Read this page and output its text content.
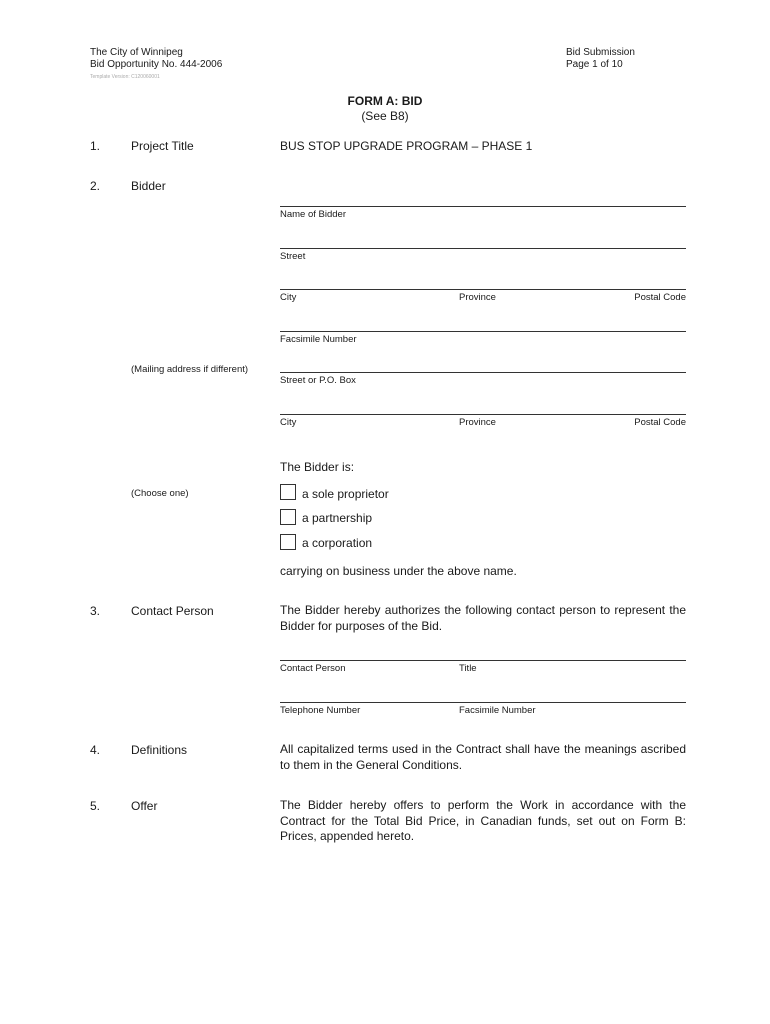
The City of Winnipeg
Bid Opportunity No. 444-2006
Template Version: C120060001
Bid Submission
Page 1 of 10
FORM A: BID
(See B8)
1.	Project Title	BUS STOP UPGRADE PROGRAM – PHASE 1
2.	Bidder
Name of Bidder
Street
City	Province	Postal Code
Facsimile Number
(Mailing address if different)
Street or P.O. Box
City	Province	Postal Code
The Bidder is:
(Choose one)	a sole proprietor
a partnership
a corporation
carrying on business under the above name.
3.	Contact Person	The Bidder hereby authorizes the following contact person to represent the Bidder for purposes of the Bid.
Contact Person	Title
Telephone Number	Facsimile Number
4.	Definitions	All capitalized terms used in the Contract shall have the meanings ascribed to them in the General Conditions.
5.	Offer	The Bidder hereby offers to perform the Work in accordance with the Contract for the Total Bid Price, in Canadian funds, set out on Form B: Prices, appended hereto.
